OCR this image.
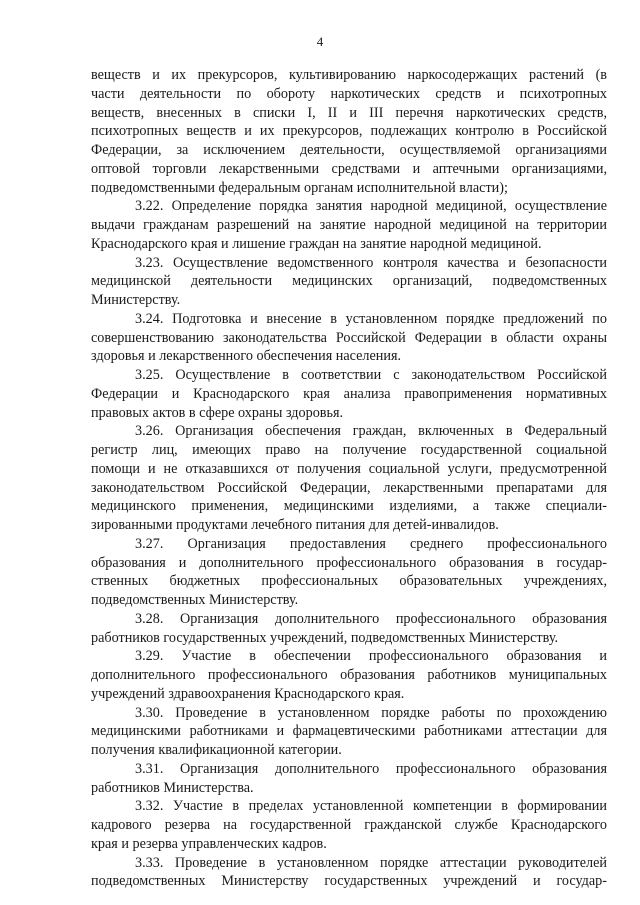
4
веществ и их прекурсоров, культивированию наркосодержащих растений (в
части деятельности по обороту наркотических средств и психотропных
веществ, внесенных в списки I, II и III перечня наркотических средств,
психотропных веществ и их прекурсоров, подлежащих контролю в Российской
Федерации, за исключением деятельности, осуществляемой организациями
оптовой торговли лекарственными средствами и аптечными организациями,
подведомственными федеральным органам исполнительной власти);
3.22. Определение порядка занятия народной медициной, осуществление
выдачи гражданам разрешений на занятие народной медициной на территории
Краснодарского края и лишение граждан на занятие народной медициной.
3.23. Осуществление ведомственного контроля качества и безопасности
медицинской деятельности медицинских организаций, подведомственных
Министерству.
3.24. Подготовка и внесение в установленном порядке предложений по
совершенствованию законодательства Российской Федерации в области охраны
здоровья и лекарственного обеспечения населения.
3.25. Осуществление в соответствии с законодательством Российской
Федерации и Краснодарского края анализа правоприменения нормативных
правовых актов в сфере охраны здоровья.
3.26. Организация обеспечения граждан, включенных в Федеральный
регистр лиц, имеющих право на получение государственной социальной
помощи и не отказавшихся от получения социальной услуги, предусмотренной
законодательством Российской Федерации, лекарственными препаратами для
медицинского применения, медицинскими изделиями, а также специали-
зированными продуктами лечебного питания для детей-инвалидов.
3.27. Организация предоставления среднего профессионального
образования и дополнительного профессионального образования в государ-
ственных бюджетных профессиональных образовательных учреждениях,
подведомственных Министерству.
3.28. Организация дополнительного профессионального образования
работников государственных учреждений, подведомственных Министерству.
3.29. Участие в обеспечении профессионального образования и
дополнительного профессионального образования работников муниципальных
учреждений здравоохранения Краснодарского края.
3.30. Проведение в установленном порядке работы по прохождению
медицинскими работниками и фармацевтическими работниками аттестации для
получения квалификационной категории.
3.31. Организация дополнительного профессионального образования
работников Министерства.
3.32. Участие в пределах установленной компетенции в формировании
кадрового резерва на государственной гражданской службе Краснодарского
края и резерва управленческих кадров.
3.33. Проведение в установленном порядке аттестации руководителей
подведомственных Министерству государственных учреждений и государ-
